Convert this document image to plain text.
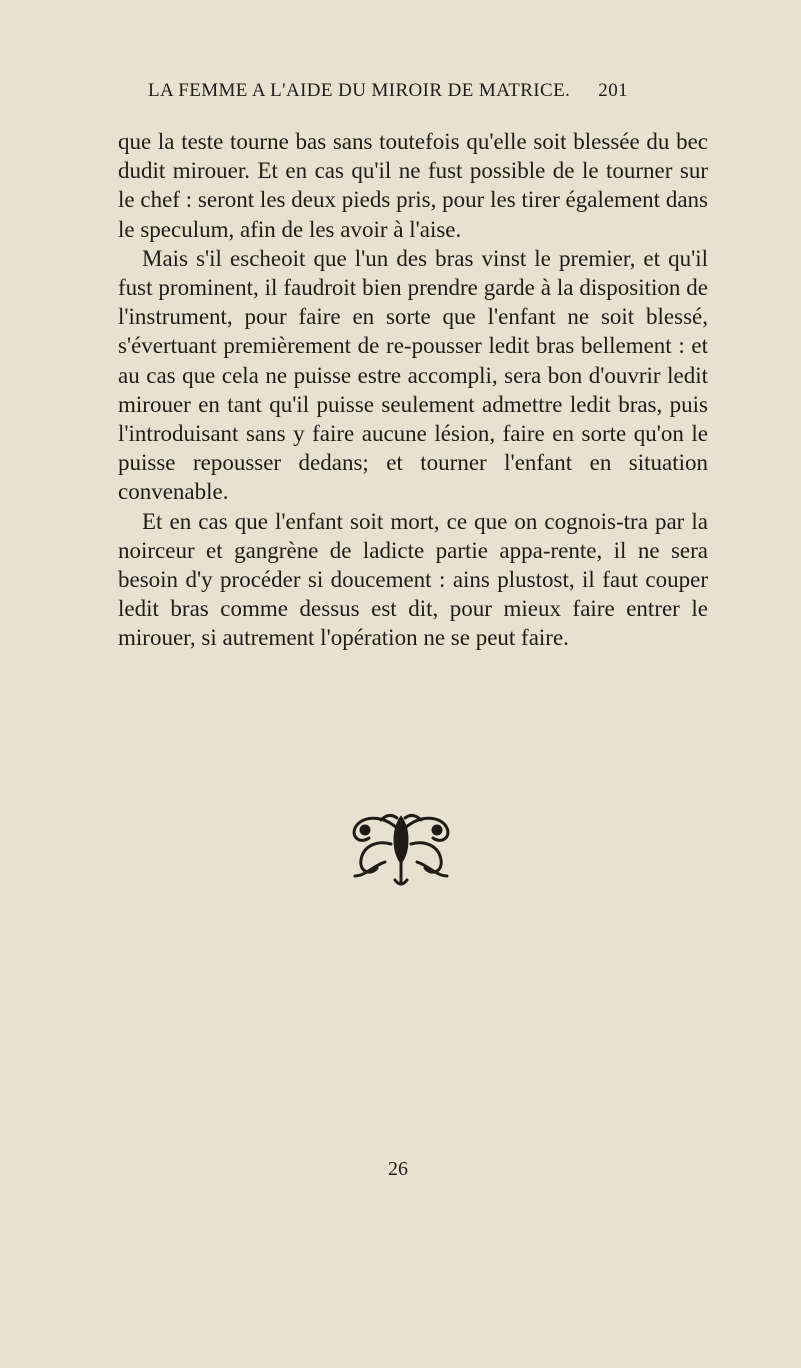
LA FEMME A L'AIDE DU MIROIR DE MATRICE. 201

que la teste tourne bas sans toutefois qu'elle soit blessée du bec dudit mirouer. Et en cas qu'il ne fust possible de le tourner sur le chef : seront les deux pieds pris, pour les tirer également dans le speculum, afin de les avoir à l'aise.

Mais s'il escheoit que l'un des bras vinst le premier, et qu'il fust prominent, il faudroit bien prendre garde à la disposition de l'instrument, pour faire en sorte que l'enfant ne soit blessé, s'évertuant premièrement de re-pousser ledit bras bellement : et au cas que cela ne puisse estre accompli, sera bon d'ouvrir ledit mirouer en tant qu'il puisse seulement admettre ledit bras, puis l'introduisant sans y faire aucune lésion, faire en sorte qu'on le puisse repousser dedans; et tourner l'enfant en situation convenable.

Et en cas que l'enfant soit mort, ce que on cognois-tra par la noirceur et gangrène de ladicte partie appa-rente, il ne sera besoin d'y procéder si doucement : ains plustost, il faut couper ledit bras comme dessus est dit, pour mieux faire entrer le mirouer, si autrement l'opération ne se peut faire.

26
